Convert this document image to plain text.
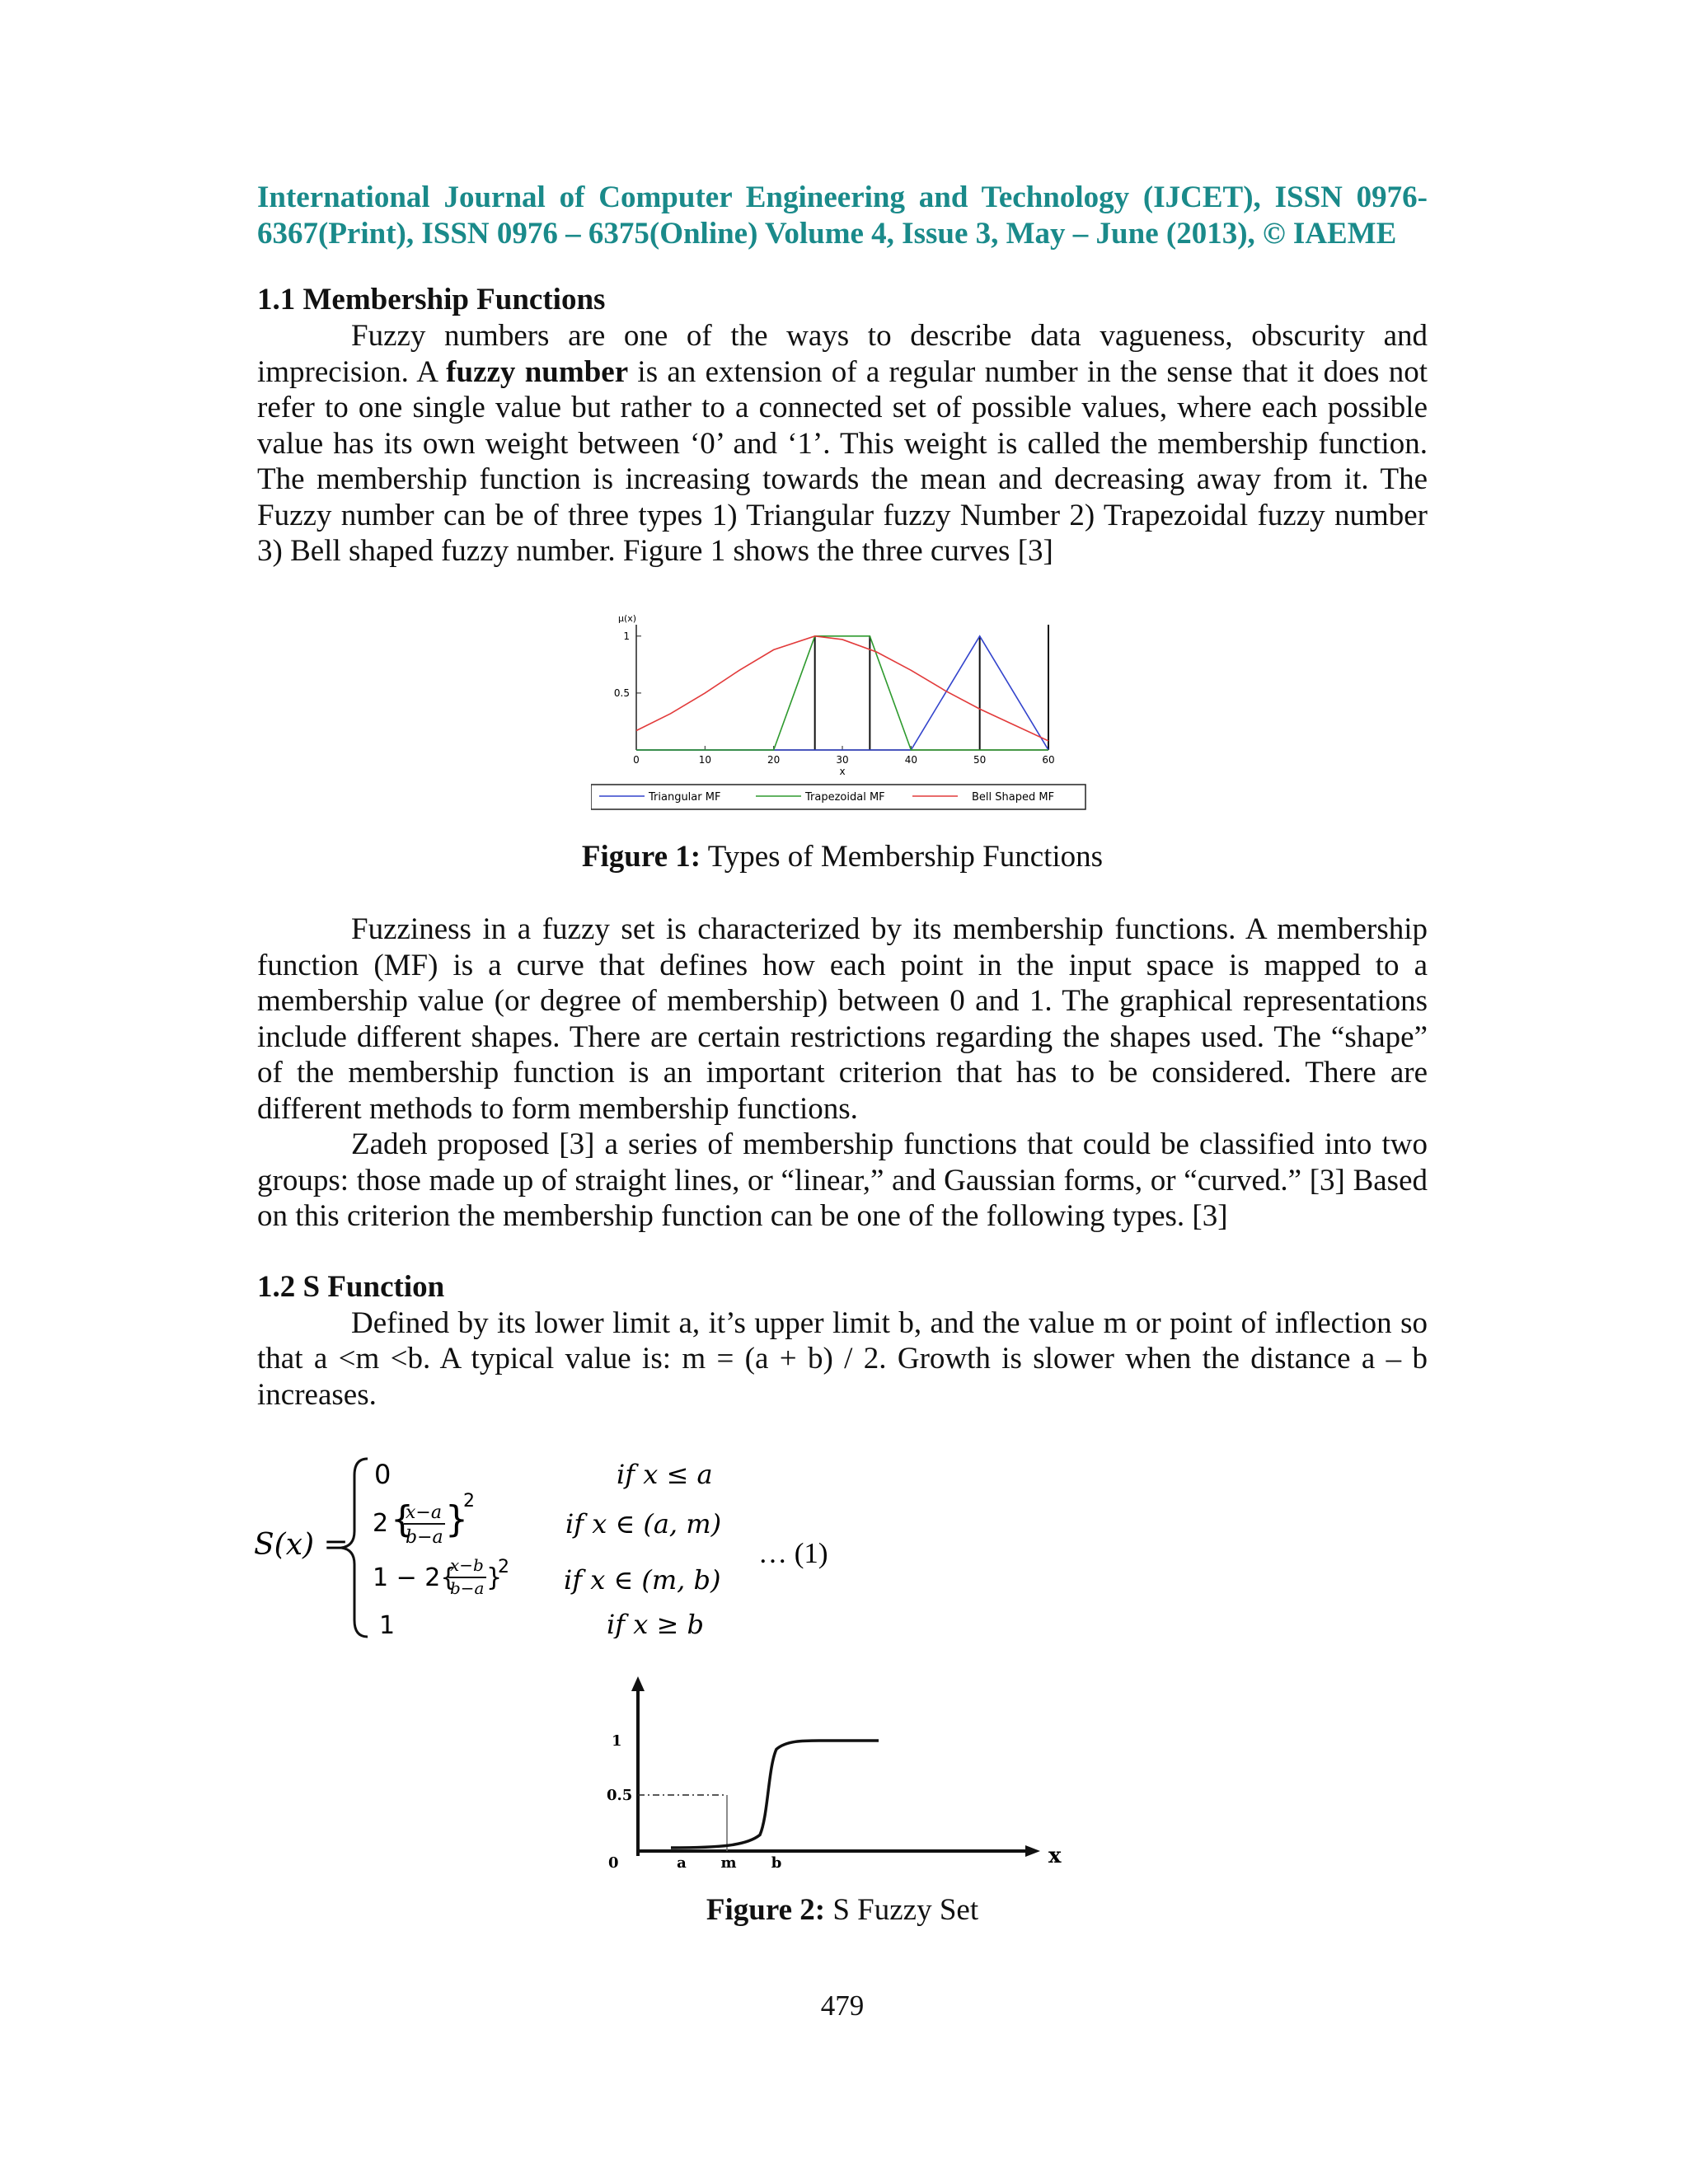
International Journal of Computer Engineering and Technology (IJCET), ISSN 0976-
6367(Print), ISSN 0976 – 6375(Online) Volume 4, Issue 3, May – June (2013), © IAEME
1.1 Membership Functions

Fuzzy numbers are one of the ways to describe data vagueness, obscurity and imprecision. A fuzzy number is an extension of a regular number in the sense that it does not refer to one single value but rather to a connected set of possible values, where each possible value has its own weight between ‘0’ and ‘1’. This weight is called the membership function. The membership function is increasing towards the mean and decreasing away from it. The Fuzzy number can be of three types 1) Triangular fuzzy Number 2) Trapezoidal fuzzy number 3) Bell shaped fuzzy number. Figure 1 shows the three curves [3]

μ(x)
0.5
1
0	10	20	30	40	50	60
x
Triangular MF	Trapezoidal MF	Bell Shaped MF
Figure 1: Types of Membership Functions

Fuzziness in a fuzzy set is characterized by its membership functions. A membership function (MF) is a curve that defines how each point in the input space is mapped to a membership value (or degree of membership) between 0 and 1. The graphical representations include different shapes. There are certain restrictions regarding the shapes used. The “shape” of the membership function is an important criterion that has to be considered. There are different methods to form membership functions.

Zadeh proposed [3] a series of membership functions that could be classified into two groups: those made up of straight lines, or “linear,” and Gaussian forms, or “curved.” [3] Based on this criterion the membership function can be one of the following types. [3]

1.2 S Function

Defined by its lower limit a, it’s upper limit b, and the value m or point of inflection so that a <m <b. A typical value is: m = (a + b) / 2. Growth is slower when the distance a – b increases.

S(x) =
0	if x ≤ a
2 {
x−a
b−a }
2
if x ∈ (a, m)
1 − 2{
x−b
b−a }
2 if x ∈ (m, b)
1	if x ≥ b
… (1)
x
0
1
0.5
a m b
Figure 2: S Fuzzy Set
479
